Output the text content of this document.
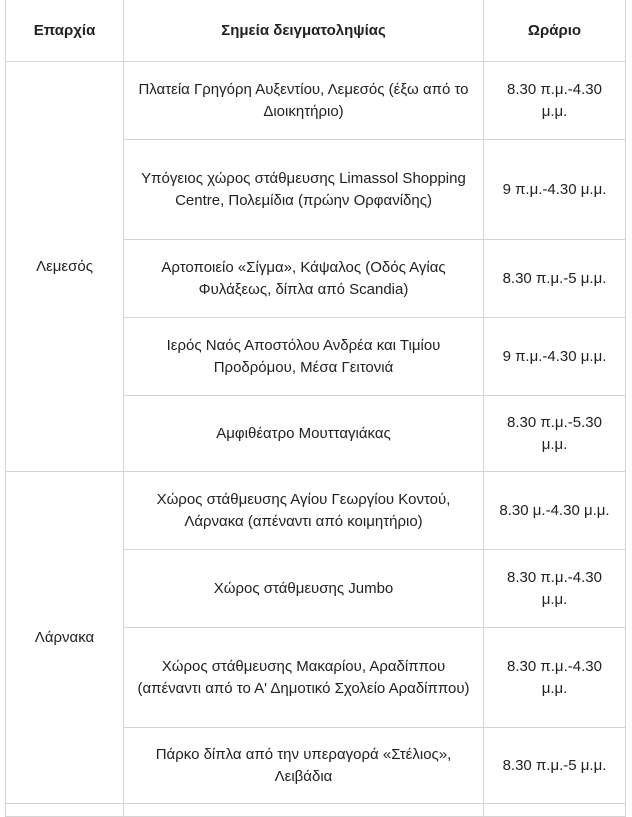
Επαρχία	Σημεία δειγματοληψίας	Ωράριο
Λεμεσός	Πλατεία Γρηγόρη Αυξεντίου, Λεμεσός (έξω από το Διοικητήριο)	8.30 π.μ.-4.30 μ.μ.
	Υπόγειος χώρος στάθμευσης Limassol Shopping Centre, Πολεμίδια (πρώην Ορφανίδης)	9 π.μ.-4.30 μ.μ.
	Αρτοποιείο «Σίγμα», Κάψαλος (Οδός Αγίας Φυλάξεως, δίπλα από Scandia)	8.30 π.μ.-5 μ.μ.
	Ιερός Ναός Αποστόλου Ανδρέα και Τιμίου Προδρόμου, Μέσα Γειτονιά	9 π.μ.-4.30 μ.μ.
	Αμφιθέατρο Μουτταγιάκας	8.30 π.μ.-5.30 μ.μ.
Λάρνακα	Χώρος στάθμευσης Αγίου Γεωργίου Κοντού, Λάρνακα (απέναντι από κοιμητήριο)	8.30 μ.-4.30 μ.μ.
	Χώρος στάθμευσης Jumbo	8.30 π.μ.-4.30 μ.μ.
	Χώρος στάθμευσης Μακαρίου, Αραδίππου (απέναντι από το Α' Δημοτικό Σχολείο Αραδίππου)	8.30 π.μ.-4.30 μ.μ.
	Πάρκο δίπλα από την υπεραγορά «Στέλιος», Λειβάδια	8.30 π.μ.-5 μ.μ.
